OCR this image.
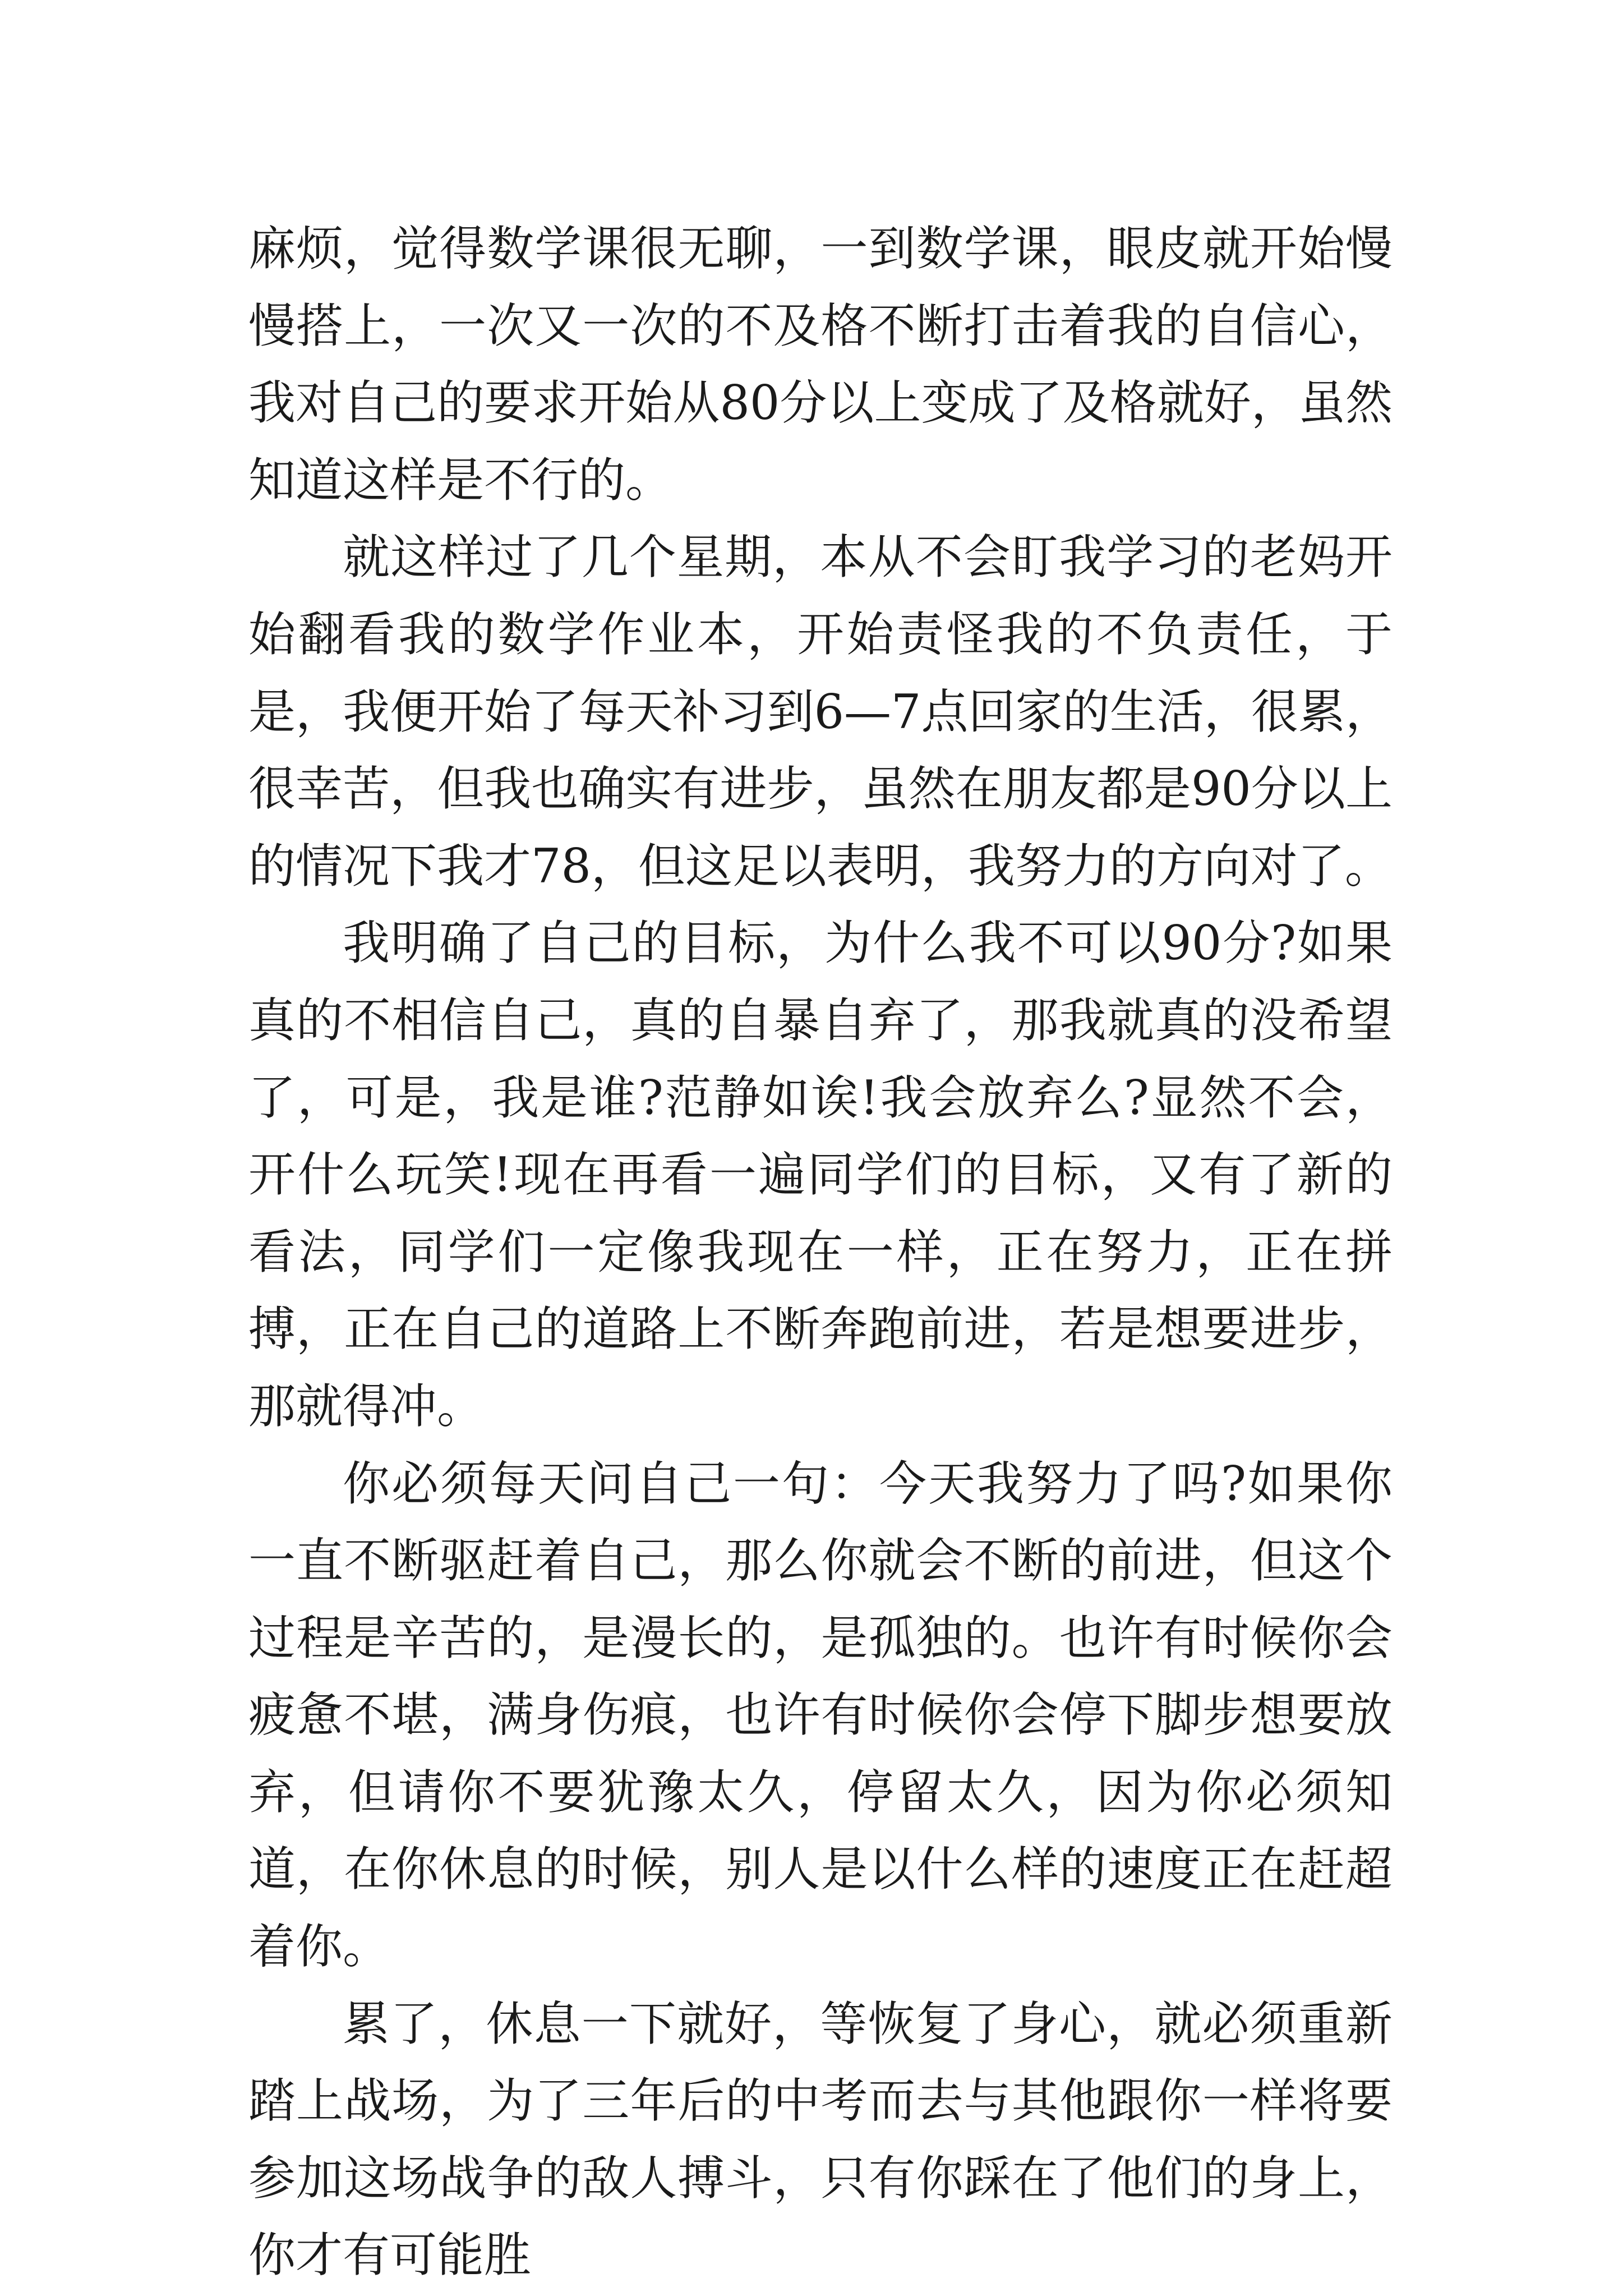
麻烦，觉得数学课很无聊，一到数学课，眼皮就开始慢慢搭上，一次又一次的不及格不断打击着我的自信心，我对自己的要求开始从80分以上变成了及格就好，虽然知道这样是不行的。

就这样过了几个星期，本从不会盯我学习的老妈开始翻看我的数学作业本，开始责怪我的不负责任，于是，我便开始了每天补习到6—7点回家的生活，很累，很幸苦，但我也确实有进步，虽然在朋友都是90分以上的情况下我才78，但这足以表明，我努力的方向对了。

我明确了自己的目标，为什么我不可以90分?如果真的不相信自己，真的自暴自弃了，那我就真的没希望了，可是，我是谁?范静如诶!我会放弃么?显然不会，开什么玩笑!现在再看一遍同学们的目标，又有了新的看法，同学们一定像我现在一样，正在努力，正在拼搏，正在自己的道路上不断奔跑前进，若是想要进步，那就得冲。

你必须每天问自己一句：今天我努力了吗?如果你一直不断驱赶着自己，那么你就会不断的前进，但这个过程是辛苦的，是漫长的，是孤独的。也许有时候你会疲惫不堪，满身伤痕，也许有时候你会停下脚步想要放弃，但请你不要犹豫太久，停留太久，因为你必须知道，在你休息的时候，别人是以什么样的速度正在赶超着你。

累了，休息一下就好，等恢复了身心，就必须重新踏上战场，为了三年后的中考而去与其他跟你一样将要参加这场战争的敌人搏斗，只有你踩在了他们的身上，你才有可能胜
